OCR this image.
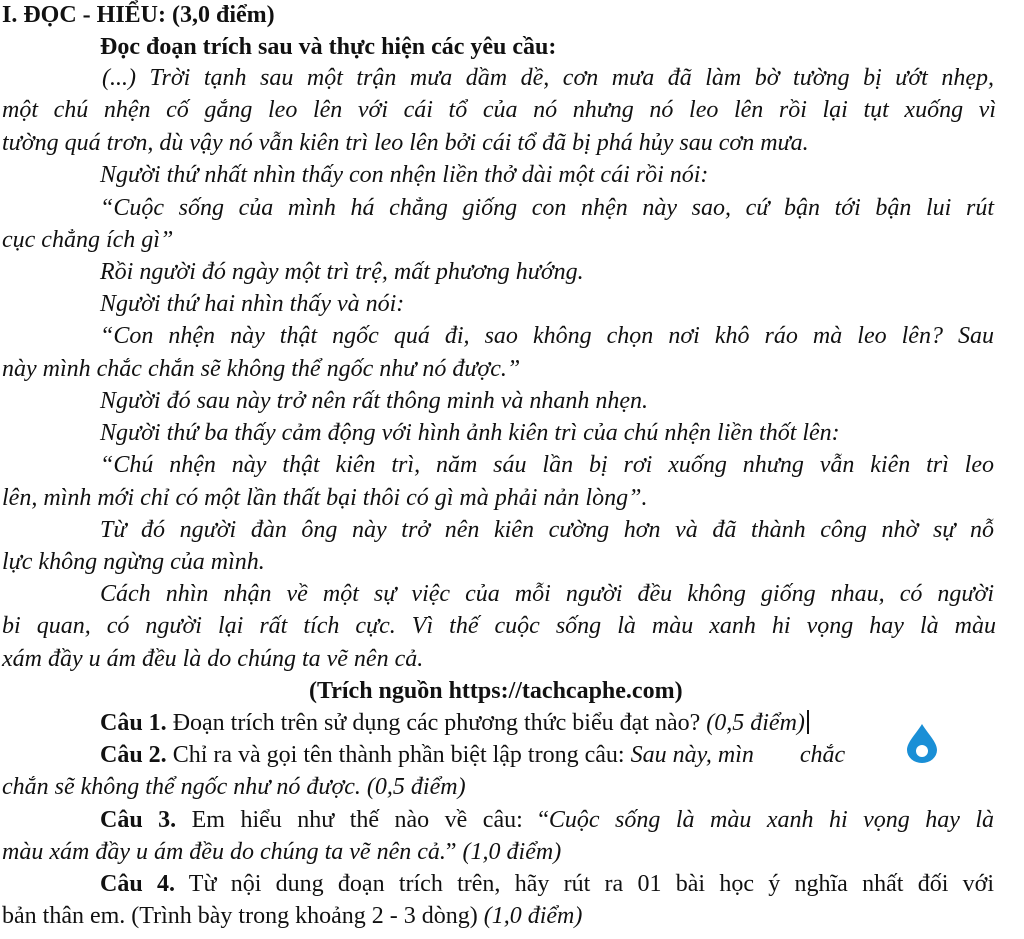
I. ĐỌC - HIỂU: (3,0 điểm)
Đọc đoạn trích sau và thực hiện các yêu cầu:
(...) Trời tạnh sau một trận mưa dầm dề, cơn mưa đã làm bờ tường bị ướt nhẹp,
một chú nhện cố gắng leo lên với cái tổ của nó nhưng nó leo lên rồi lại tụt xuống vì
tường quá trơn, dù vậy nó vẫn kiên trì leo lên bởi cái tổ đã bị phá hủy sau cơn mưa.
Người thứ nhất nhìn thấy con nhện liền thở dài một cái rồi nói:
“Cuộc sống của mình há chẳng giống con nhện này sao, cứ bận tới bận lui rút
cục chẳng ích gì”
Rồi người đó ngày một trì trệ, mất phương hướng.
Người thứ hai nhìn thấy và nói:
“Con nhện này thật ngốc quá đi, sao không chọn nơi khô ráo mà leo lên? Sau
này mình chắc chắn sẽ không thể ngốc như nó được.”
Người đó sau này trở nên rất thông minh và nhanh nhẹn.
Người thứ ba thấy cảm động với hình ảnh kiên trì của chú nhện liền thốt lên:
“Chú nhện này thật kiên trì, năm sáu lần bị rơi xuống nhưng vẫn kiên trì leo
lên, mình mới chỉ có một lần thất bại thôi có gì mà phải nản lòng”.
Từ đó người đàn ông này trở nên kiên cường hơn và đã thành công nhờ sự nỗ
lực không ngừng của mình.
Cách nhìn nhận về một sự việc của mỗi người đều không giống nhau, có người
bi quan, có người lại rất tích cực. Vì thế cuộc sống là màu xanh hi vọng hay là màu
xám đầy u ám đều là do chúng ta vẽ nên cả.
(Trích nguồn https://tachcaphe.com)
Câu 1. Đoạn trích trên sử dụng các phương thức biểu đạt nào? (0,5 điểm)
Câu 2. Chỉ ra và gọi tên thành phần biệt lập trong câu: Sau này, mìn chắc
chắn sẽ không thể ngốc như nó được. (0,5 điểm)
Câu 3. Em hiểu như thế nào về câu: “Cuộc sống là màu xanh hi vọng hay là
màu xám đầy u ám đều do chúng ta vẽ nên cả.” (1,0 điểm)
Câu 4. Từ nội dung đoạn trích trên, hãy rút ra 01 bài học ý nghĩa nhất đối với
bản thân em. (Trình bày trong khoảng 2 - 3 dòng) (1,0 điểm)
